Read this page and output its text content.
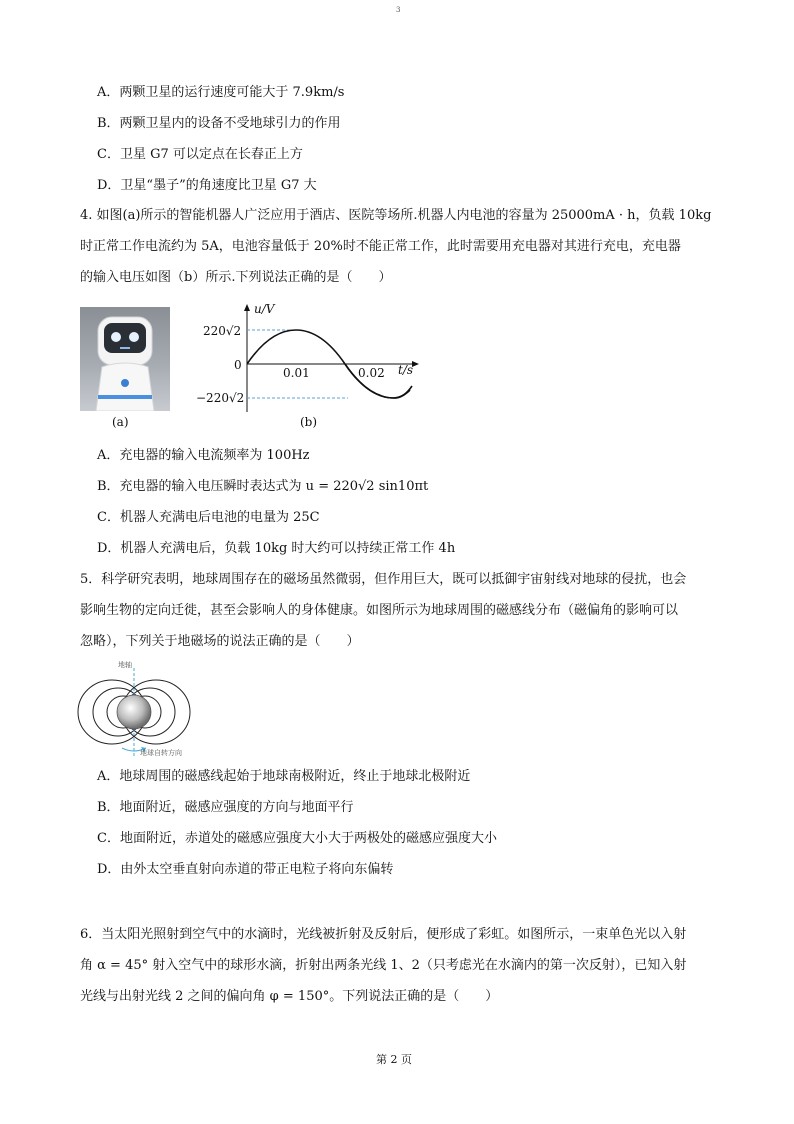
3
A．两颗卫星的运行速度可能大于 7.9km/s
B．两颗卫星内的设备不受地球引力的作用
C．卫星 G7 可以定点在长春正上方
D．卫星“墨子”的角速度比卫星 G7 大
4. 如图(a)所示的智能机器人广泛应用于酒店、医院等场所.机器人内电池的容量为 25000mA · h，负载 10kg
时正常工作电流约为 5A，电池容量低于 20%时不能正常工作，此时需要用充电器对其进行充电，充电器
的输入电压如图（b）所示.下列说法正确的是（　　）
(a)
u/V
220√2
0
0.01	0.02 t/s
−220√2
(b)
A．充电器的输入电流频率为 100Hz
B．充电器的输入电压瞬时表达式为 u = 220√2 sin10πt
C．机器人充满电后电池的电量为 25C
D．机器人充满电后，负载 10kg 时大约可以持续正常工作 4h
5．科学研究表明，地球周围存在的磁场虽然微弱，但作用巨大，既可以抵御宇宙射线对地球的侵扰，也会
影响生物的定向迁徙，甚至会影响人的身体健康。如图所示为地球周围的磁感线分布（磁偏角的影响可以
忽略），下列关于地磁场的说法正确的是（　　）
地轴
地球自转方向
A．地球周围的磁感线起始于地球南极附近，终止于地球北极附近
B．地面附近，磁感应强度的方向与地面平行
C．地面附近，赤道处的磁感应强度大小大于两极处的磁感应强度大小
D．由外太空垂直射向赤道的带正电粒子将向东偏转
6．当太阳光照射到空气中的水滴时，光线被折射及反射后，便形成了彩虹。如图所示，一束单色光以入射
角 α = 45° 射入空气中的球形水滴，折射出两条光线 1、2（只考虑光在水滴内的第一次反射），已知入射
光线与出射光线 2 之间的偏向角 φ = 150°。下列说法正确的是（　　）
第 2 页
